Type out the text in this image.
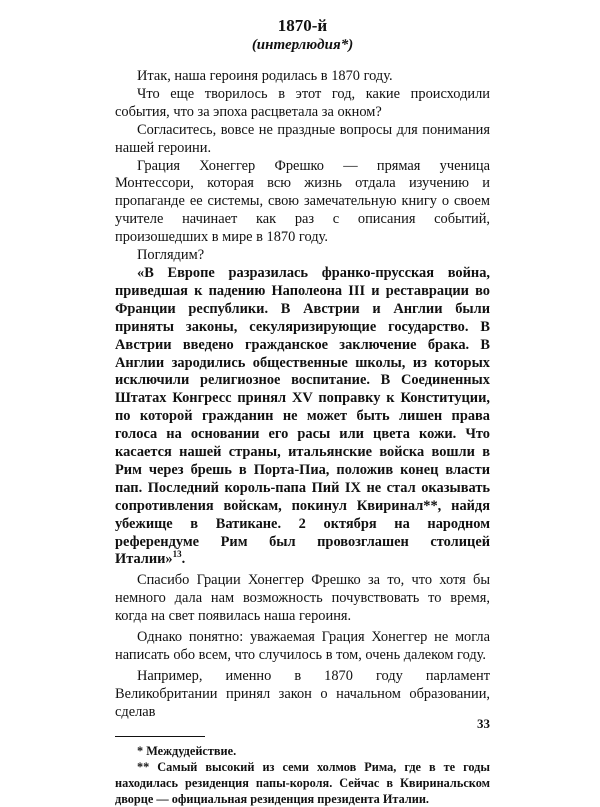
1870-й
(интерлюдия*)

Итак, наша героиня родилась в 1870 году.

Что еще творилось в этот год, какие происходили события, что за эпоха расцветала за окном?

Согласитесь, вовсе не праздные вопросы для понимания нашей героини.

Грация Хонеггер Фрешко — прямая ученица Монтессори, которая всю жизнь отдала изучению и пропаганде ее системы, свою замечательную книгу о своем учителе начинает как раз с описания событий, произошедших в мире в 1870 году.

Поглядим?

«В Европе разразилась франко-прусская война, приведшая к падению Наполеона III и реставрации во Франции республики. В Австрии и Англии были приняты законы, секуляризирующие государство. В Австрии введено гражданское заключение брака. В Англии зародились общественные школы, из которых исключили религиозное воспитание. В Соединенных Штатах Конгресс принял XV поправку к Конституции, по которой гражданин не может быть лишен права голоса на основании его расы или цвета кожи. Что касается нашей страны, итальянские войска вошли в Рим через брешь в Порта-Пиа, положив конец власти пап. Последний король-папа Пий IX не стал оказывать сопротивления войскам, покинул Квиринал**, найдя убежище в Ватикане. 2 октября на народном референдуме Рим был провозглашен столицей Италии»$^{13}$.

Спасибо Грации Хонеггер Фрешко за то, что хотя бы немного дала нам возможность почувствовать то время, когда на свет появилась наша героиня.

Однако понятно: уважаемая Грация Хонеггер не могла написать обо всем, что случилось в том, очень далеком году.

Например, именно в 1870 году парламент Великобритании принял закон о начальном образовании, сделав

* Междудействие.

** Самый высокий из семи холмов Рима, где в те годы находилась резиденция папы-короля. Сейчас в Квиринальском дворце — официальная резиденция президента Италии.

33
